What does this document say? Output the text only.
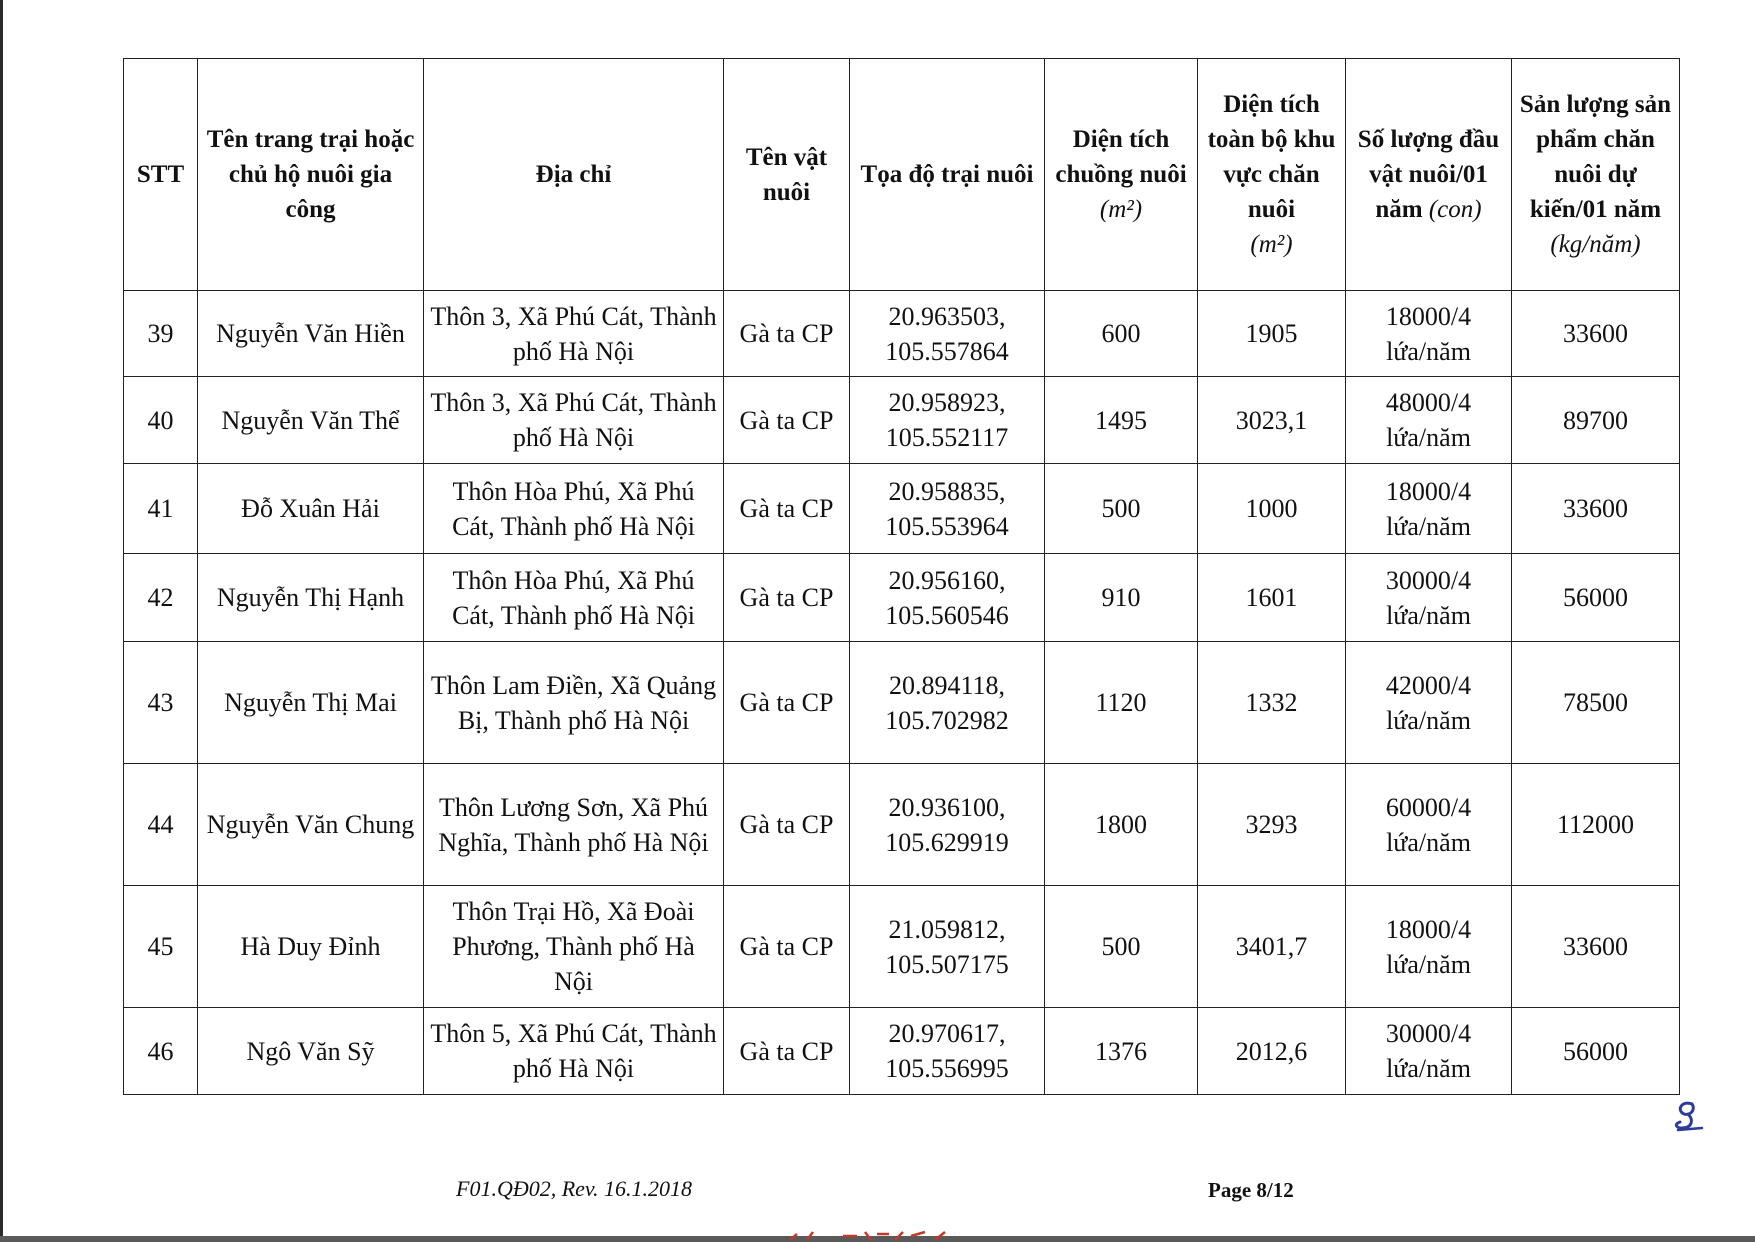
STT	Tên trang trại hoặc chủ hộ nuôi gia công	Địa chỉ	Tên vật nuôi	Tọa độ trại nuôi	Diện tích chuồng nuôi (m²)	Diện tích toàn bộ khu vực chăn nuôi
(m²)	Số lượng đầu vật nuôi/01 năm (con)	Sản lượng sản phẩm chăn nuôi dự kiến/01 năm
(kg/năm)
39	Nguyễn Văn Hiền	Thôn 3, Xã Phú Cát, Thành phố Hà Nội	Gà ta CP	20.963503, 105.557864	600	1905	18000/4 lứa/năm	33600
40	Nguyễn Văn Thể	Thôn 3, Xã Phú Cát, Thành phố Hà Nội	Gà ta CP	20.958923, 105.552117	1495	3023,1	48000/4 lứa/năm	89700
41	Đỗ Xuân Hải	Thôn Hòa Phú, Xã Phú Cát, Thành phố Hà Nội	Gà ta CP	20.958835, 105.553964	500	1000	18000/4 lứa/năm	33600
42	Nguyễn Thị Hạnh	Thôn Hòa Phú, Xã Phú Cát, Thành phố Hà Nội	Gà ta CP	20.956160, 105.560546	910	1601	30000/4 lứa/năm	56000
43	Nguyễn Thị Mai	Thôn Lam Điền, Xã Quảng Bị, Thành phố Hà Nội	Gà ta CP	20.894118, 105.702982	1120	1332	42000/4 lứa/năm	78500
44	Nguyễn Văn Chung	Thôn Lương Sơn, Xã Phú Nghĩa, Thành phố Hà Nội	Gà ta CP	20.936100, 105.629919	1800	3293	60000/4 lứa/năm	112000
45	Hà Duy Đỉnh	Thôn Trại Hồ, Xã Đoài Phương, Thành phố Hà Nội	Gà ta CP	21.059812, 105.507175	500	3401,7	18000/4 lứa/năm	33600
46	Ngô Văn Sỹ	Thôn 5, Xã Phú Cát, Thành phố Hà Nội	Gà ta CP	20.970617, 105.556995	1376	2012,6	30000/4 lứa/năm	56000
F01.QĐ02, Rev. 16.1.2018	Page 8/12
